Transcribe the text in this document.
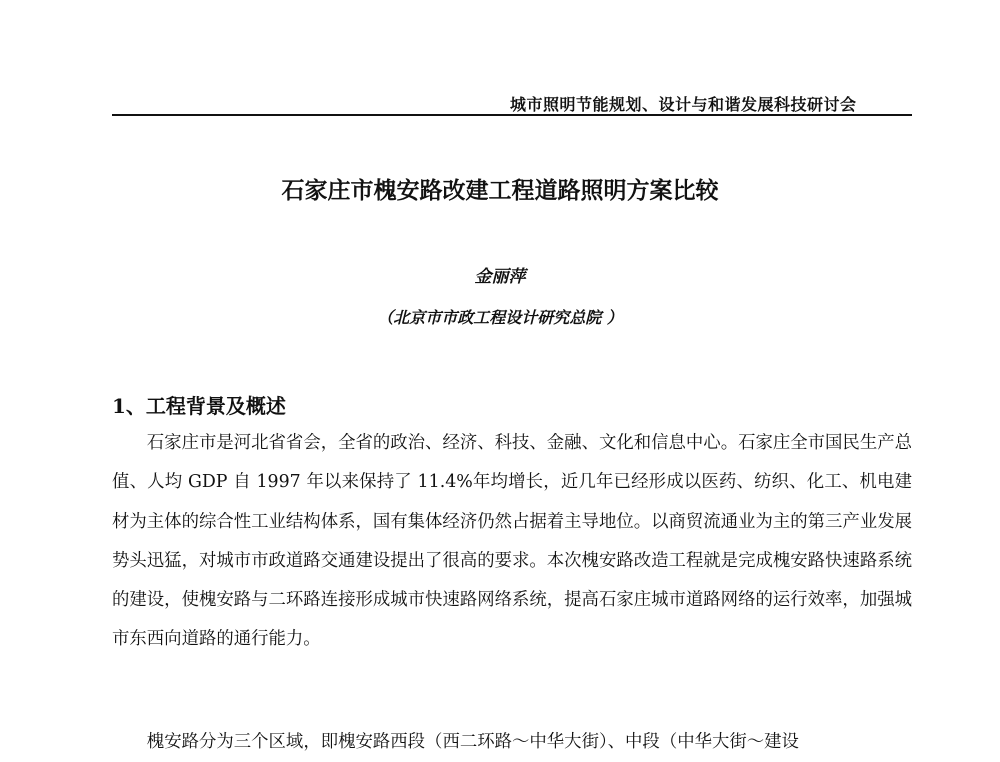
城市照明节能规划、设计与和谐发展科技研讨会
石家庄市槐安路改建工程道路照明方案比较
金丽萍
（北京市市政工程设计研究总院 ）
1、工程背景及概述

石家庄市是河北省省会，全省的政治、经济、科技、金融、文化和信息中心。石家庄全市国民生产总值、人均 GDP 自 1997 年以来保持了 11.4%年均增长，近几年已经形成以医药、纺织、化工、机电建材为主体的综合性工业结构体系，国有集体经济仍然占据着主导地位。以商贸流通业为主的第三产业发展势头迅猛，对城市市政道路交通建设提出了很高的要求。本次槐安路改造工程就是完成槐安路快速路系统的建设，使槐安路与二环路连接形成城市快速路网络系统，提高石家庄城市道路网络的运行效率，加强城市东西向道路的通行能力。

槐安路分为三个区域，即槐安路西段（西二环路～中华大街）、中段（中华大街～建设
